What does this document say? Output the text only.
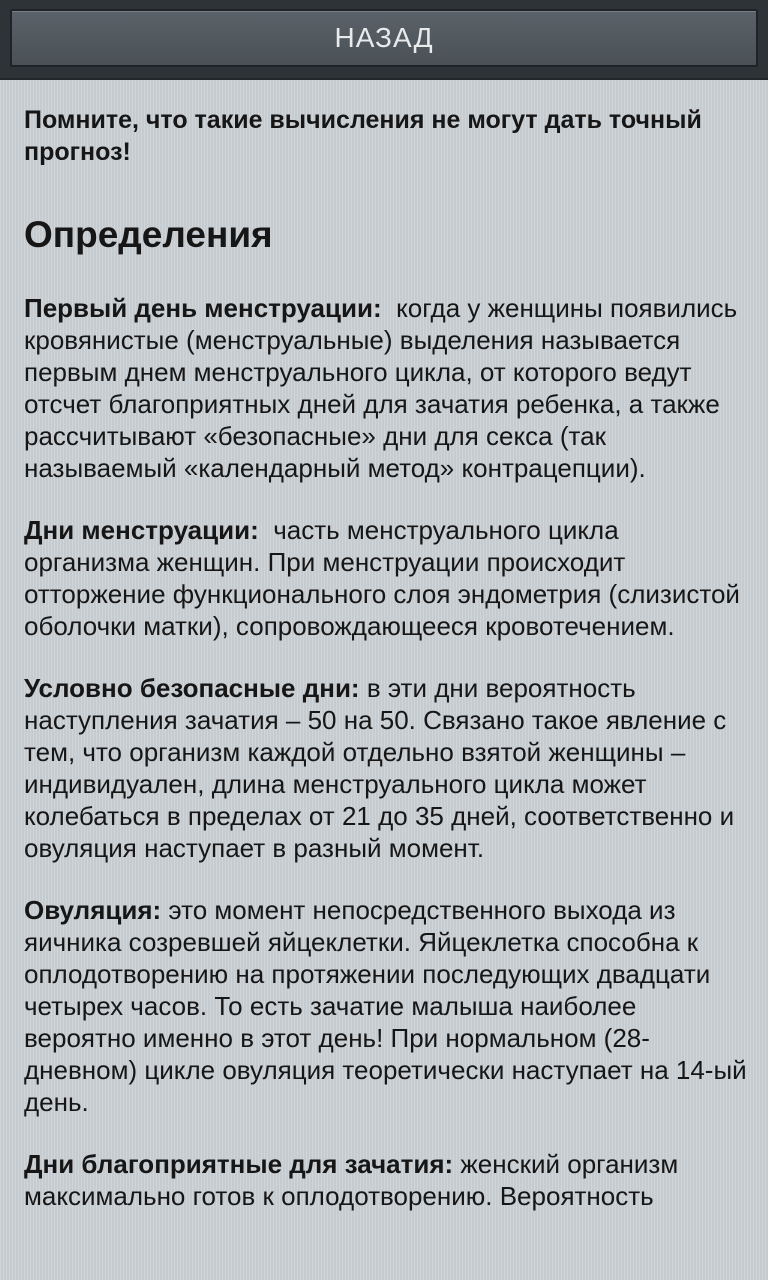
НАЗАД

Помните, что такие вычисления не могут дать точный прогноз!

Определения

Первый день менструации: когда у женщины появились кровянистые (менструальные) выделения называется первым днем менструального цикла, от которого ведут отсчет благоприятных дней для зачатия ребенка, а также рассчитывают «безопасные» дни для секса (так называемый «календарный метод» контрацепции).

Дни менструации: часть менструального цикла организма женщин. При менструации происходит отторжение функционального слоя эндометрия (слизистой оболочки матки), сопровождающееся кровотечением.

Условно безопасные дни: в эти дни вероятность наступления зачатия – 50 на 50. Связано такое явление с тем, что организм каждой отдельно взятой женщины – индивидуален, длина менструального цикла может колебаться в пределах от 21 до 35 дней, соответственно и овуляция наступает в разный момент.

Овуляция: это момент непосредственного выхода из яичника созревшей яйцеклетки. Яйцеклетка способна к оплодотворению на протяжении последующих двадцати четырех часов. То есть зачатие малыша наиболее вероятно именно в этот день! При нормальном (28-дневном) цикле овуляция теоретически наступает на 14-ый день.

Дни благоприятные для зачатия: женский организм максимально готов к оплодотворению. Вероятность
